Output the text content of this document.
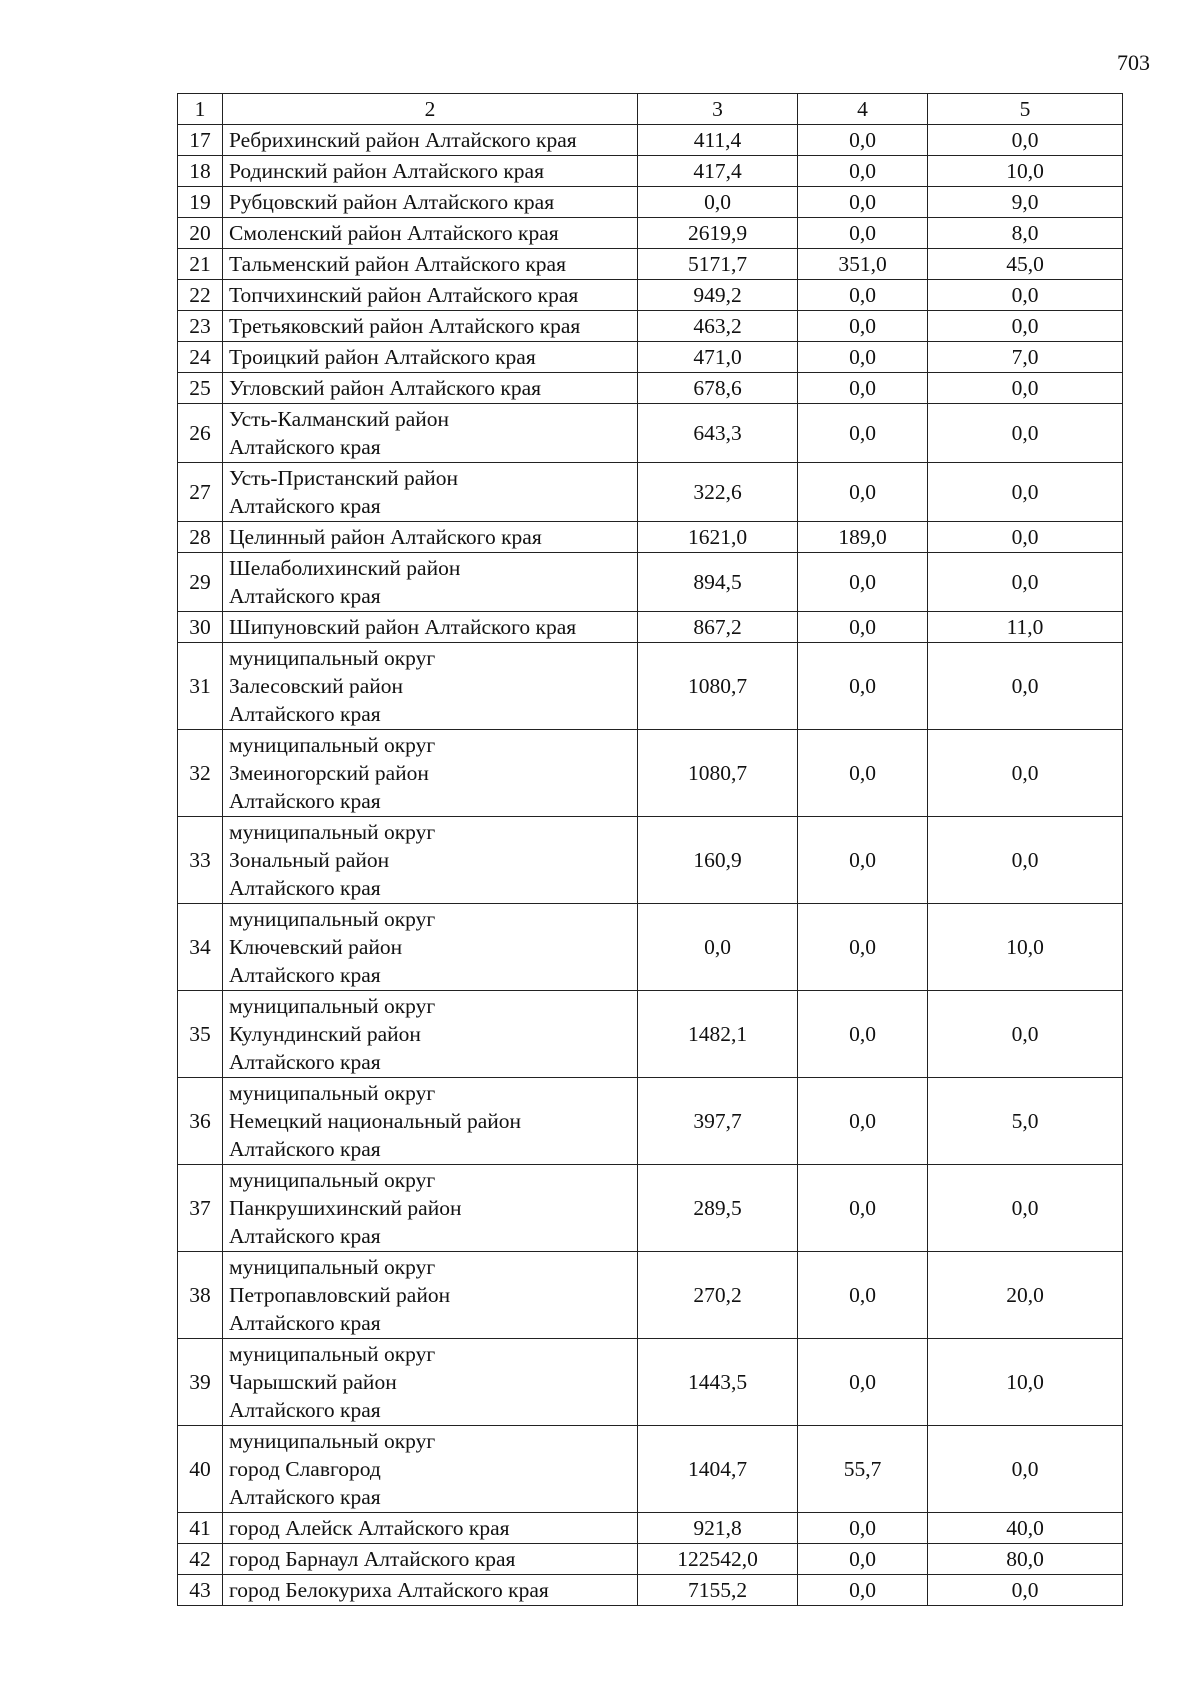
703
1	2	3	4	5
17	Ребрихинский район Алтайского края	411,4	0,0	0,0
18	Родинский район Алтайского края	417,4	0,0	10,0
19	Рубцовский район Алтайского края	0,0	0,0	9,0
20	Смоленский район Алтайского края	2619,9	0,0	8,0
21	Тальменский район Алтайского края	5171,7	351,0	45,0
22	Топчихинский район Алтайского края	949,2	0,0	0,0
23	Третьяковский район Алтайского края	463,2	0,0	0,0
24	Троицкий район Алтайского края	471,0	0,0	7,0
25	Угловский район Алтайского края	678,6	0,0	0,0
26	Усть-Калманский район
Алтайского края	643,3	0,0	0,0
27	Усть-Пристанский район
Алтайского края	322,6	0,0	0,0
28	Целинный район Алтайского края	1621,0	189,0	0,0
29	Шелаболихинский район
Алтайского края	894,5	0,0	0,0
30	Шипуновский район Алтайского края	867,2	0,0	11,0
31	муниципальный округ
Залесовский район
Алтайского края	1080,7	0,0	0,0
32	муниципальный округ
Змеиногорский район
Алтайского края	1080,7	0,0	0,0
33	муниципальный округ
Зональный район
Алтайского края	160,9	0,0	0,0
34	муниципальный округ
Ключевский район
Алтайского края	0,0	0,0	10,0
35	муниципальный округ
Кулундинский район
Алтайского края	1482,1	0,0	0,0
36	муниципальный округ
Немецкий национальный район
Алтайского края	397,7	0,0	5,0
37	муниципальный округ
Панкрушихинский район
Алтайского края	289,5	0,0	0,0
38	муниципальный округ
Петропавловский район
Алтайского края	270,2	0,0	20,0
39	муниципальный округ
Чарышский район
Алтайского края	1443,5	0,0	10,0
40	муниципальный округ
город Славгород
Алтайского края	1404,7	55,7	0,0
41	город Алейск Алтайского края	921,8	0,0	40,0
42	город Барнаул Алтайского края	122542,0	0,0	80,0
43	город Белокуриха Алтайского края	7155,2	0,0	0,0
